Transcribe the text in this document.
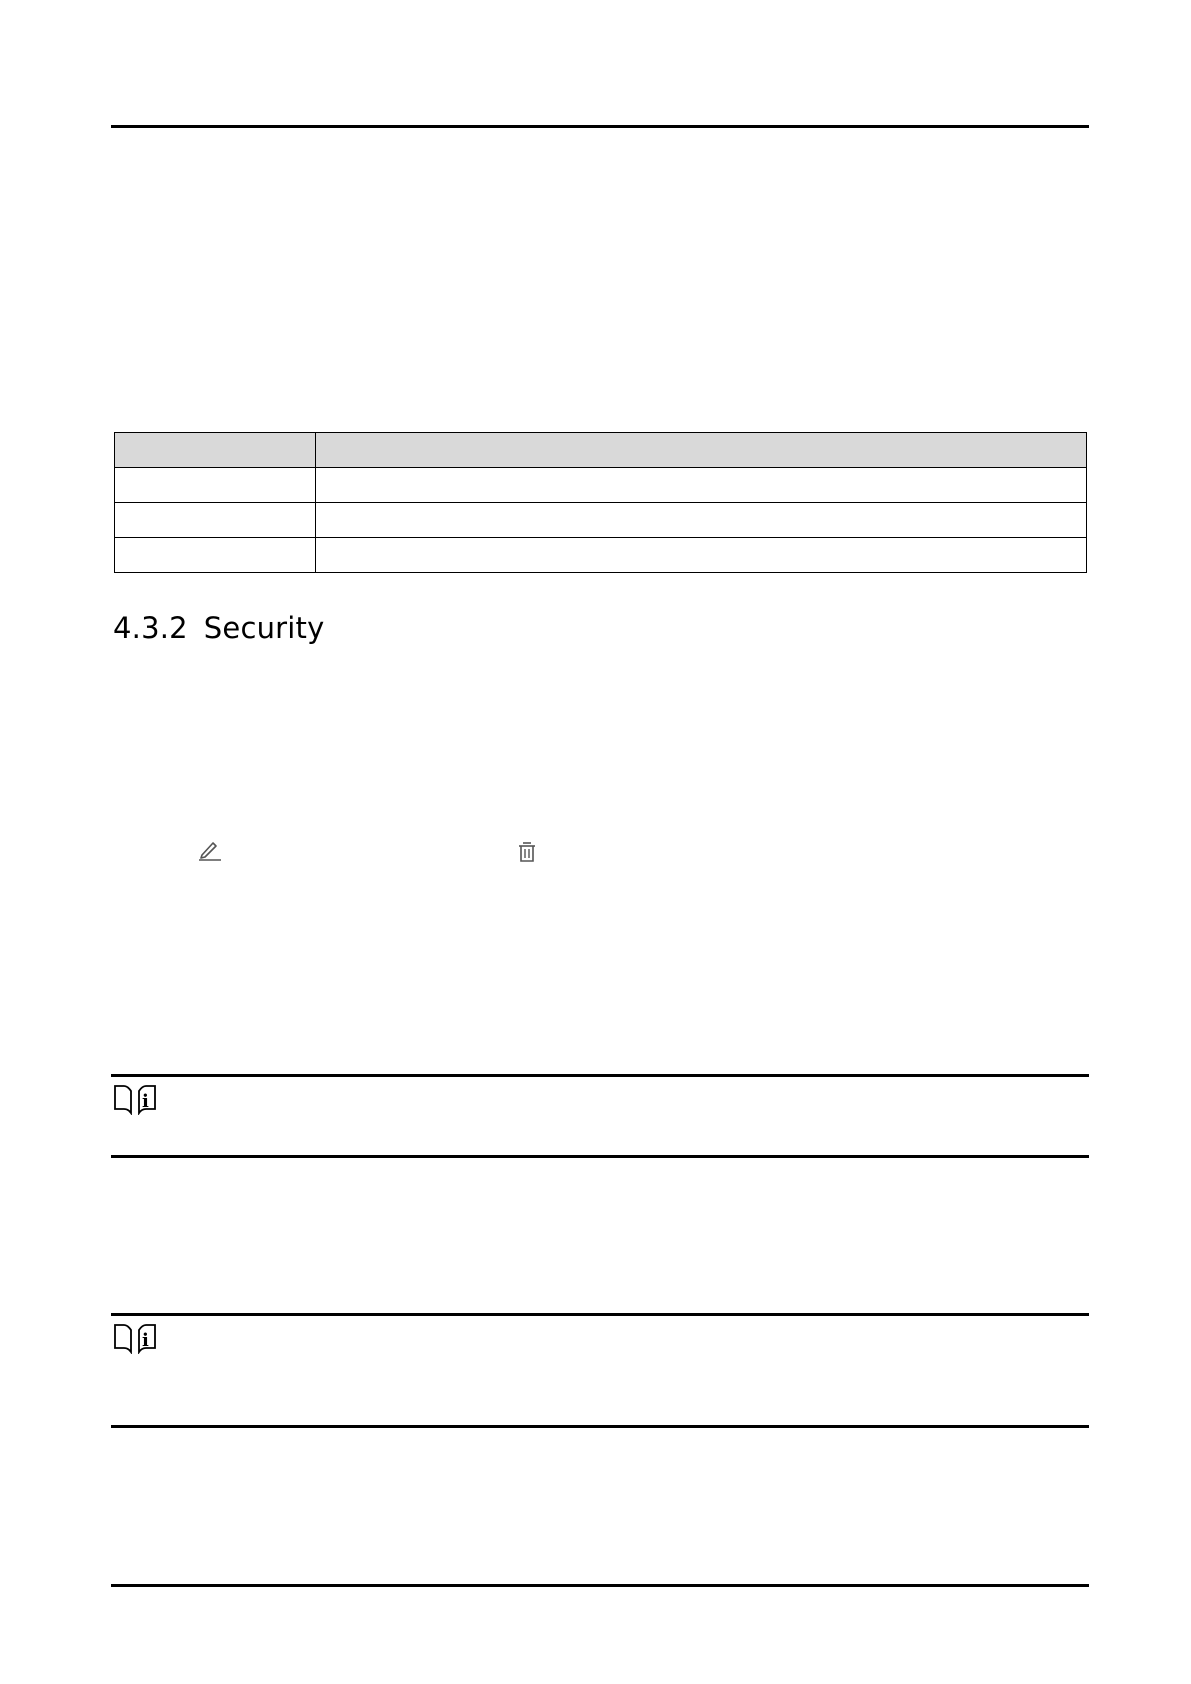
4.3.2 Security
i
i
